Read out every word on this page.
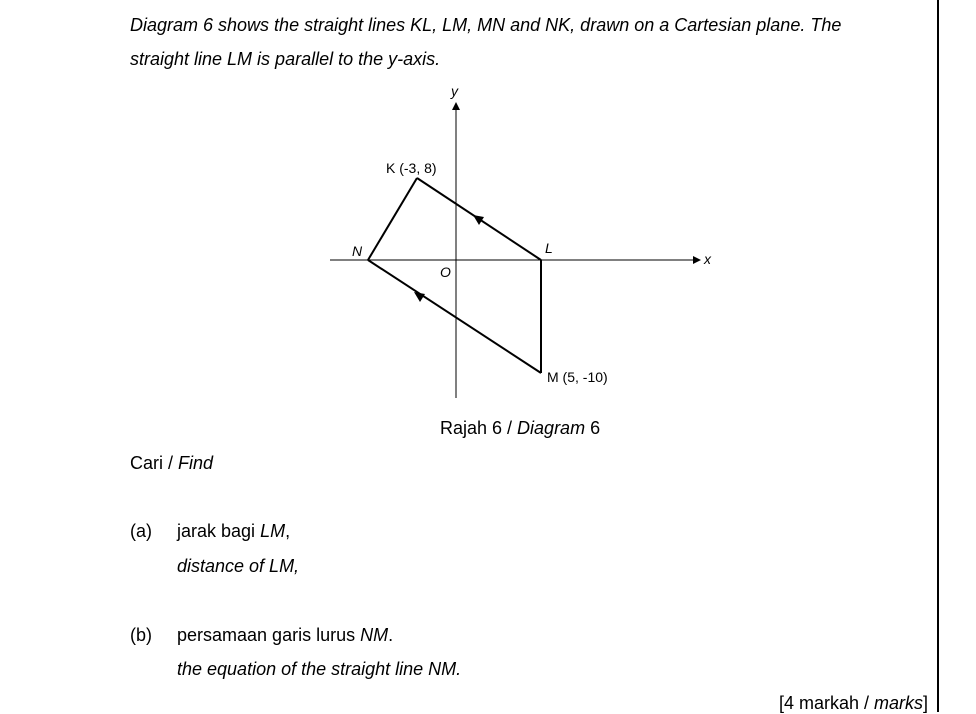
Diagram 6 shows the straight lines KL, LM, MN and NK, drawn on a Cartesian plane. The
straight line LM is parallel to the y-axis.
y
x
O
K (-3, 8)
L
M (5, -10)
N
Rajah 6 / Diagram 6
Cari / Find
(a) jarak bagi LM,
distance of LM,
(b) persamaan garis lurus NM.
the equation of the straight line NM.
[4 markah / marks]
